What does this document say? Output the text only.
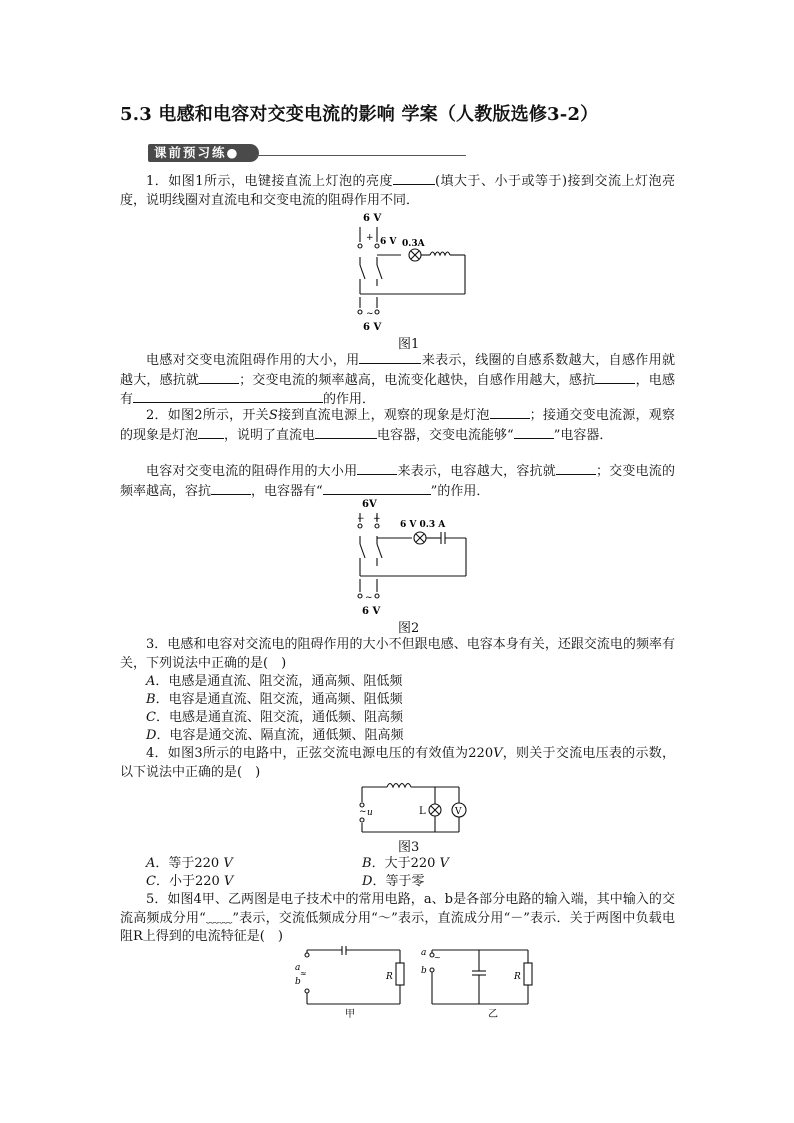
5.3 电感和电容对交变电流的影响 学案（人教版选修3-2）
课前预习练●
1．如图1所示，电键接直流上灯泡的亮度	(填大于、小于或等于)接到交流上灯泡亮度，说明线圈对直流电和交变电流的阻碍作用不同．
6 V
+ 6 V 0.3A
~
6 V
图1
电感对交变电流阻碍作用的大小，用	来表示，线圈的自感系数越大，自感作用就越大，感抗就	；交变电流的频率越高，电流变化越快，自感作用越大，感抗	，电感有	的作用．
2．如图2所示，开关S接到直流电源上，观察的现象是灯泡	；接通交变电流源，观察的现象是灯泡 ，说明了直流电	电容器，交变电流能够“	”电容器．
电容对交变电流的阻碍作用的大小用	来表示，电容越大，容抗就	；交变电流的频率越高，容抗	，电容器有“	”的作用．
6V
− +
6 V 0.3 A
~
6 V
图2
3．电感和电容对交流电的阻碍作用的大小不但跟电感、电容本身有关，还跟交流电的频率有关，下列说法中正确的是(　)
A．电感是通直流、阻交流，通高频、阻低频
B．电容是通直流、阻交流，通高频、阻低频
C．电感是通直流、阻交流，通低频、阻高频
D．电容是通交流、隔直流，通低频、阻高频
4．如图3所示的电路中，正弦交流电源电压的有效值为220V，则关于交流电压表的示数，以下说法中正确的是(　)
~ u	L	V
图3
A．等于220 V	B．大于220 V
C．小于220 V	D．等于零
5．如图4甲、乙两图是电子技术中的常用电路，a、b是各部分电路的输入端，其中输入的交流高频成分用“﹏﹏”表示，交流低频成分用“～”表示，直流成分用“－”表示．关于两图中负载电阻R上得到的电流特征是(　)
a
≈
b	R
a ~
b
R
甲	乙
